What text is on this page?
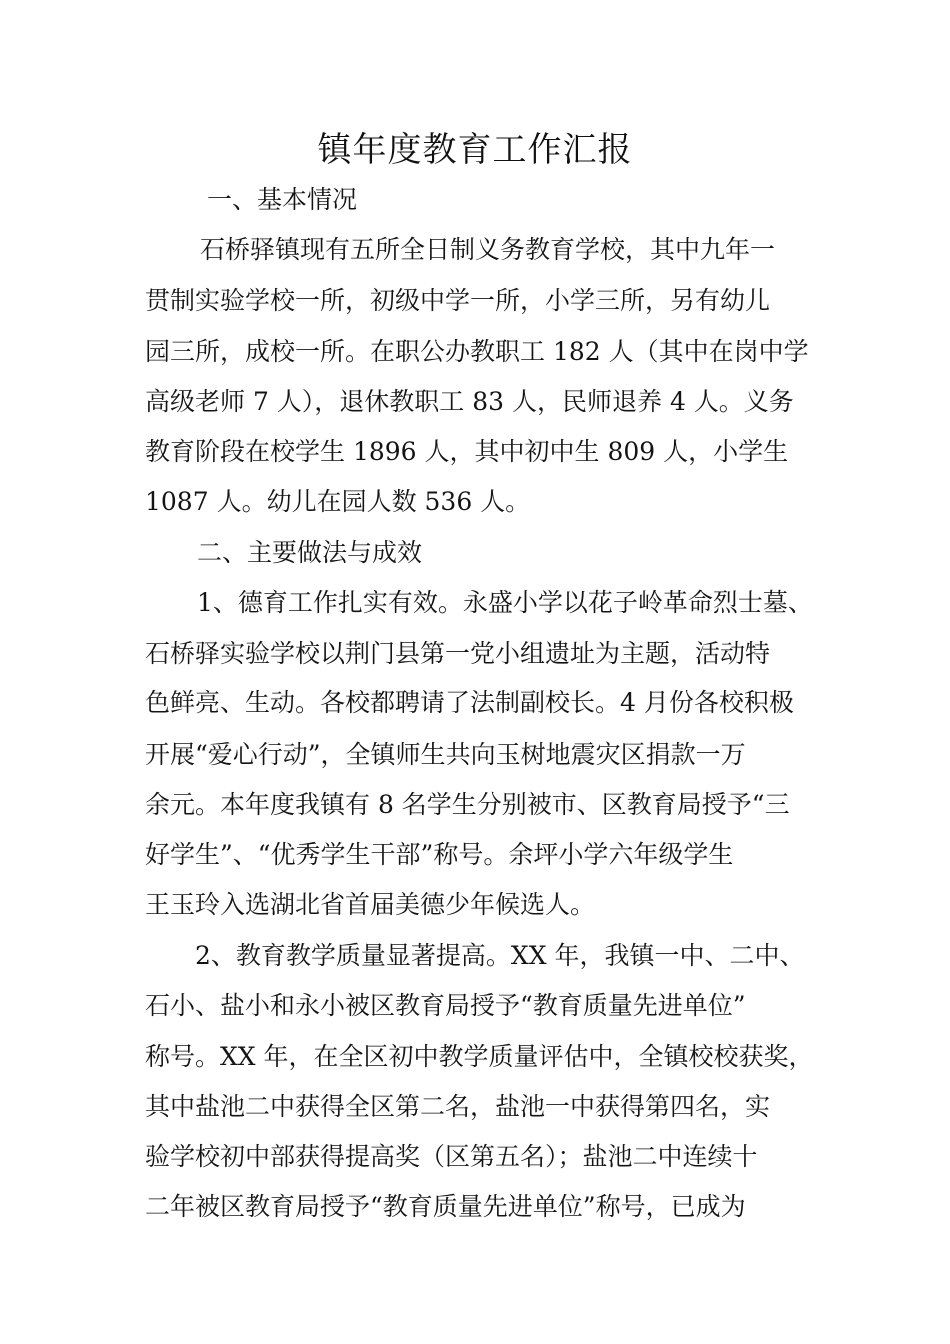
镇年度教育工作汇报
一、基本情况
石桥驿镇现有五所全日制义务教育学校，其中九年一
贯制实验学校一所，初级中学一所，小学三所，另有幼儿
园三所，成校一所。在职公办教职工 182 人（其中在岗中学
高级老师 7 人），退休教职工 83 人，民师退养 4 人。义务
教育阶段在校学生 1896 人，其中初中生 809 人，小学生
1087 人。幼儿在园人数 536 人。
二、主要做法与成效
1、德育工作扎实有效。永盛小学以花子岭革命烈士墓、
石桥驿实验学校以荆门县第一党小组遗址为主题，活动特
色鲜亮、生动。各校都聘请了法制副校长。4 月份各校积极
开展“爱心行动”，全镇师生共向玉树地震灾区捐款一万
余元。本年度我镇有 8 名学生分别被市、区教育局授予“三
好学生”、“优秀学生干部”称号。余坪小学六年级学生
王玉玲入选湖北省首届美德少年候选人。
2、教育教学质量显著提高。XX 年，我镇一中、二中、
石小、盐小和永小被区教育局授予“教育质量先进单位”
称号。XX 年，在全区初中教学质量评估中，全镇校校获奖，
其中盐池二中获得全区第二名，盐池一中获得第四名，实
验学校初中部获得提高奖（区第五名）；盐池二中连续十
二年被区教育局授予“教育质量先进单位”称号，已成为
